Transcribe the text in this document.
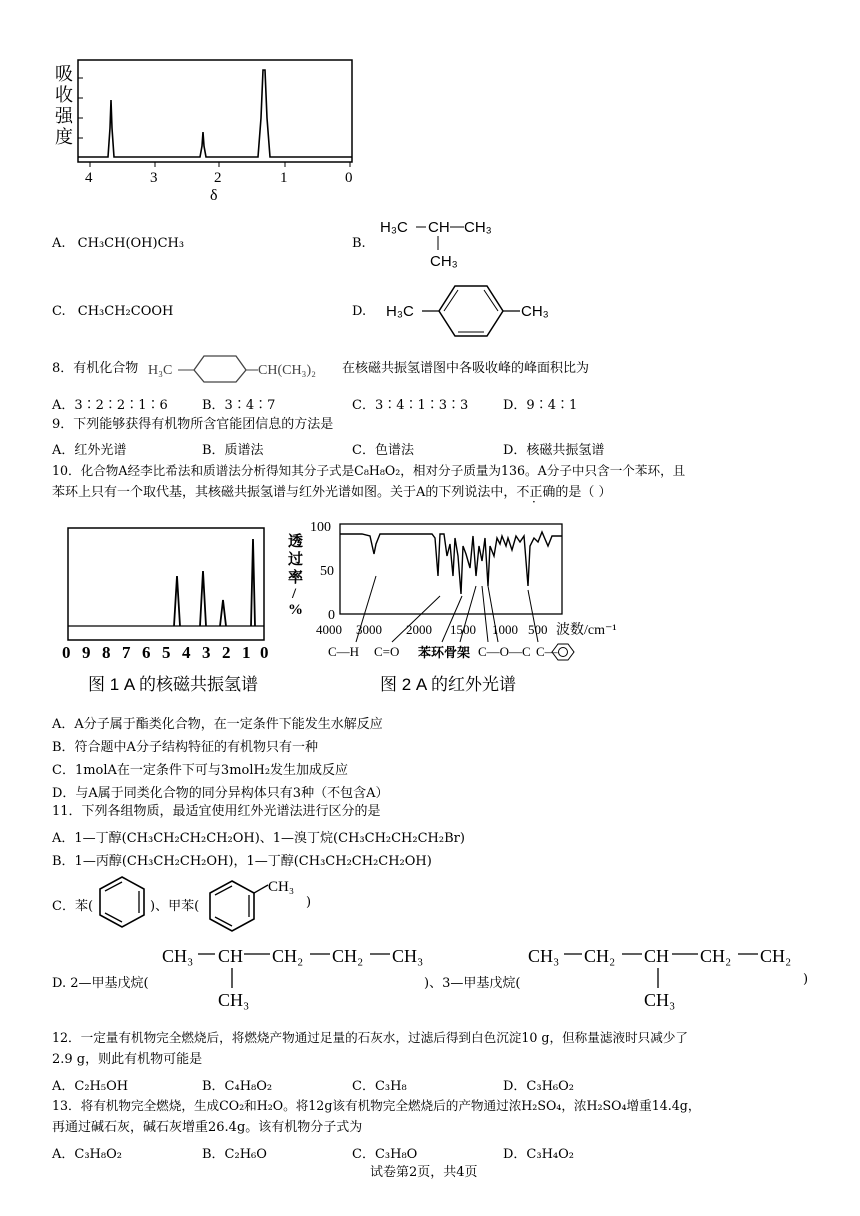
4	3	2	1	0
δ
吸
收
强
度
A. CH₃CH(OH)CH₃	B.
H₃C CH CH₃
CH₃
C. CH₃CH₂COOH	D. H₃C	CH₃
8．有机化合物 H₃C	CH(CH₃)₂ 在核磁共振氢谱图中各吸收峰的峰面积比为
A．3∶2∶2∶1∶6	B．3∶4∶7	C．3∶4∶1∶3∶3	D．9∶4∶1
9．下列能够获得有机物所含官能团信息的方法是
A．红外光谱	B．质谱法	C．色谱法	D．核磁共振氢谱
10．化合物A经李比希法和质谱法分析得知其分子式是C₈H₈O₂，相对分子质量为136。A分子中只含一个苯环，且
苯环上只有一个取代基，其核磁共振氢谱与红外光谱如图。关于A的下列说法中，不正确的是（ ）
0 9 8 7 6 5 4 3 2 1 0
图 1 A 的核磁共振氢谱
100
50
0
透
过
率
/
%
4000 3000 2000 1500 1000 500 波数/cm⁻¹
C—H C=O 苯环骨架 C—O—C C—
图 2 A 的红外光谱
A．A分子属于酯类化合物，在一定条件下能发生水解反应
B．符合题中A分子结构特征的有机物只有一种
C．1molA在一定条件下可与3molH₂发生加成反应
D．与A属于同类化合物的同分异构体只有3种（不包含A）
11．下列各组物质，最适宜使用红外光谱法进行区分的是
A．1—丁醇(CH₃CH₂CH₂CH₂OH)、1—溴丁烷(CH₃CH₂CH₂CH₂Br)
B．1—丙醇(CH₃CH₂CH₂OH)，1—丁醇(CH₃CH₂CH₂CH₂OH)
C．苯(	)、甲苯(
CH₃
)
D. 2—甲基戊烷(
CH₃ CH CH₂ CH₂ CH₃
CH₃
)、3—甲基戊烷(
CH₃ CH₂ CH CH₂ CH₂
CH₃
)
12．一定量有机物完全燃烧后，将燃烧产物通过足量的石灰水，过滤后得到白色沉淀10 g，但称量滤液时只减少了
2.9 g，则此有机物可能是
A．C₂H₅OH	B．C₄H₈O₂	C．C₃H₈	D．C₃H₆O₂
13．将有机物完全燃烧，生成CO₂和H₂O。将12g该有机物完全燃烧后的产物通过浓H₂SO₄，浓H₂SO₄增重14.4g，
再通过碱石灰，碱石灰增重26.4g。该有机物分子式为
A．C₃H₈O₂	B．C₂H₆O	C．C₃H₈O	D．C₃H₄O₂
试卷第2页，共4页
